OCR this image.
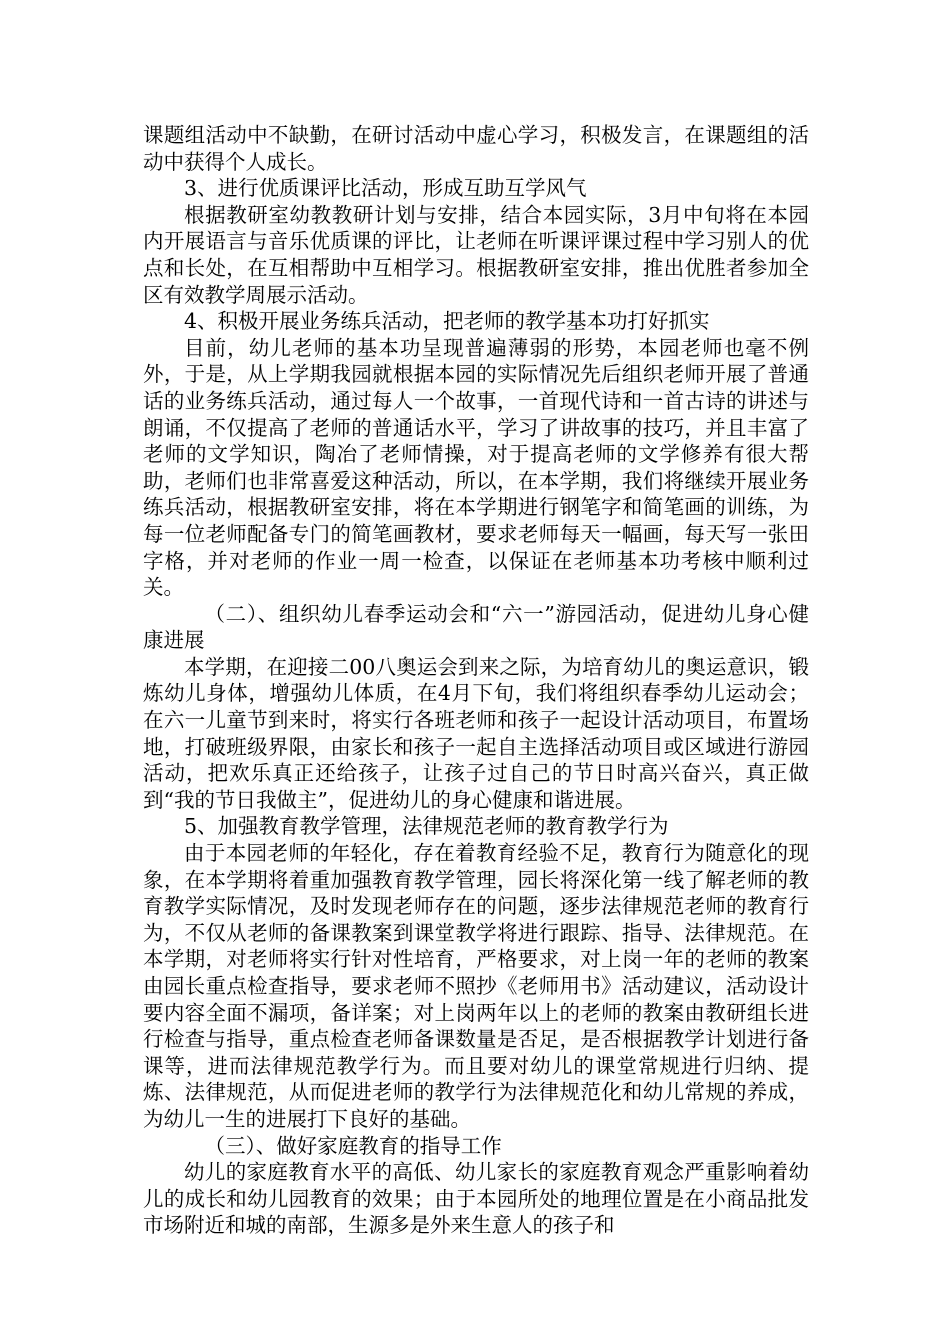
课题组活动中不缺勤，在研讨活动中虚心学习，积极发言，在课题组的活动中获得个人成长。

3、进行优质课评比活动，形成互助互学风气

根据教研室幼教教研计划与安排，结合本园实际，3月中旬将在本园内开展语言与音乐优质课的评比，让老师在听课评课过程中学习别人的优点和长处，在互相帮助中互相学习。根据教研室安排，推出优胜者参加全区有效教学周展示活动。

4、积极开展业务练兵活动，把老师的教学基本功打好抓实

目前，幼儿老师的基本功呈现普遍薄弱的形势，本园老师也毫不例外，于是，从上学期我园就根据本园的实际情况先后组织老师开展了普通话的业务练兵活动，通过每人一个故事，一首现代诗和一首古诗的讲述与朗诵，不仅提高了老师的普通话水平，学习了讲故事的技巧，并且丰富了老师的文学知识，陶冶了老师情操，对于提高老师的文学修养有很大帮助，老师们也非常喜爱这种活动，所以，在本学期，我们将继续开展业务练兵活动，根据教研室安排，将在本学期进行钢笔字和简笔画的训练，为每一位老师配备专门的简笔画教材，要求老师每天一幅画，每天写一张田字格，并对老师的作业一周一检查，以保证在老师基本功考核中顺利过关。

（二）、组织幼儿春季运动会和“六一”游园活动，促进幼儿身心健康进展

本学期，在迎接二00八奥运会到来之际，为培育幼儿的奥运意识，锻炼幼儿身体，增强幼儿体质，在4月下旬，我们将组织春季幼儿运动会；在六一儿童节到来时，将实行各班老师和孩子一起设计活动项目，布置场地，打破班级界限，由家长和孩子一起自主选择活动项目或区域进行游园活动，把欢乐真正还给孩子，让孩子过自己的节日时高兴奋兴，真正做到“我的节日我做主”，促进幼儿的身心健康和谐进展。

5、加强教育教学管理，法律规范老师的教育教学行为

由于本园老师的年轻化，存在着教育经验不足，教育行为随意化的现象，在本学期将着重加强教育教学管理，园长将深化第一线了解老师的教育教学实际情况，及时发现老师存在的问题，逐步法律规范老师的教育行为，不仅从老师的备课教案到课堂教学将进行跟踪、指导、法律规范。在本学期，对老师将实行针对性培育，严格要求，对上岗一年的老师的教案由园长重点检查指导，要求老师不照抄《老师用书》活动建议，活动设计要内容全面不漏项，备详案；对上岗两年以上的老师的教案由教研组长进行检查与指导，重点检查老师备课数量是否足，是否根据教学计划进行备课等，进而法律规范教学行为。而且要对幼儿的课堂常规进行归纳、提炼、法律规范，从而促进老师的教学行为法律规范化和幼儿常规的养成，为幼儿一生的进展打下良好的基础。

（三）、做好家庭教育的指导工作

幼儿的家庭教育水平的高低、幼儿家长的家庭教育观念严重影响着幼儿的成长和幼儿园教育的效果；由于本园所处的地理位置是在小商品批发市场附近和城的南部，生源多是外来生意人的孩子和
